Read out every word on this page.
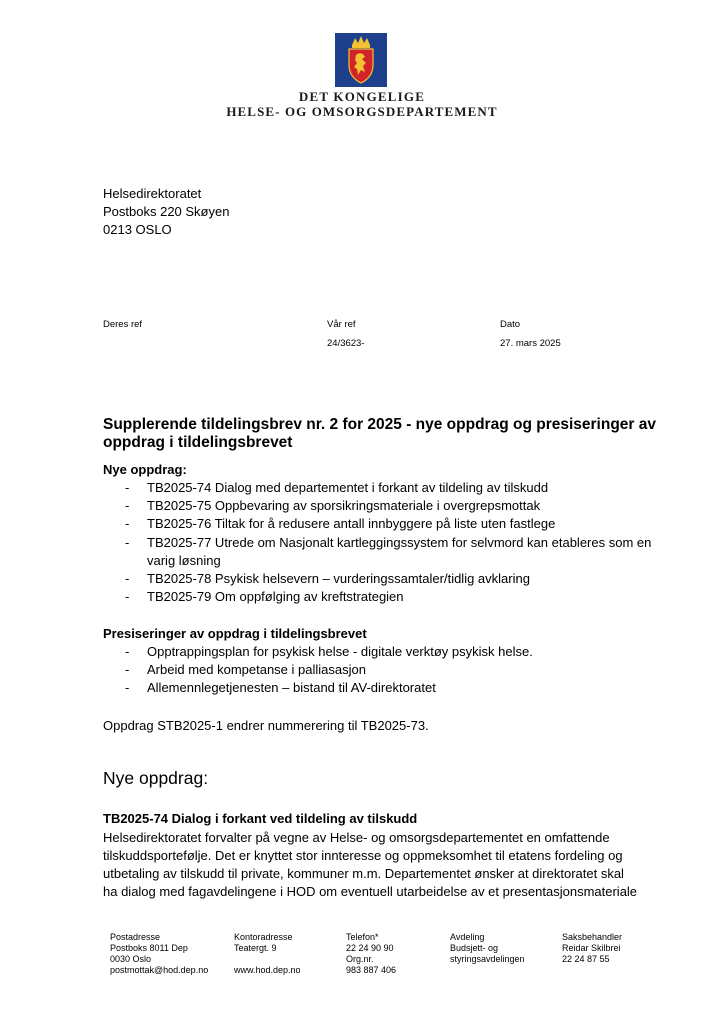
DET KONGELIGE
HELSE- OG OMSORGSDEPARTEMENT
Helsedirektoratet
Postboks 220 Skøyen
0213 OSLO
Deres ref	Vår ref
24/3623-
Dato
27. mars 2025
Supplerende tildelingsbrev nr. 2 for 2025 - nye oppdrag og presiseringer av oppdrag i tildelingsbrevet
Nye oppdrag:
- TB2025-74 Dialog med departementet i forkant av tildeling av tilskudd
- TB2025-75 Oppbevaring av sporsikringsmateriale i overgrepsmottak
- TB2025-76 Tiltak for å redusere antall innbyggere på liste uten fastlege
- TB2025-77 Utrede om Nasjonalt kartleggingssystem for selvmord kan etableres som en varig løsning
- TB2025-78 Psykisk helsevern – vurderingssamtaler/tidlig avklaring
- TB2025-79 Om oppfølging av kreftstrategien
Presiseringer av oppdrag i tildelingsbrevet
- Opptrappingsplan for psykisk helse - digitale verktøy psykisk helse.
- Arbeid med kompetanse i palliasasjon
- Allemennlegetjenesten – bistand til AV-direktoratet
Oppdrag STB2025-1 endrer nummerering til TB2025-73.
Nye oppdrag:
TB2025-74 Dialog i forkant ved tildeling av tilskudd
Helsedirektoratet forvalter på vegne av Helse- og omsorgsdepartementet en omfattende
tilskuddsportefølje. Det er knyttet stor innteresse og oppmeksomhet til etatens fordeling og
utbetaling av tilskudd til private, kommuner m.m. Departementet ønsker at direktoratet skal
ha dialog med fagavdelingene i HOD om eventuell utarbeidelse av et presentasjonsmateriale
Postadresse
Postboks 8011 Dep
0030 Oslo
postmottak@hod.dep.no
Kontoradresse
Teatergt. 9
www.hod.dep.no
Telefon*
22 24 90 90
Org.nr.
983 887 406
Avdeling
Budsjett- og
styringsavdelingen
Saksbehandler
Reidar Skilbrei
22 24 87 55
